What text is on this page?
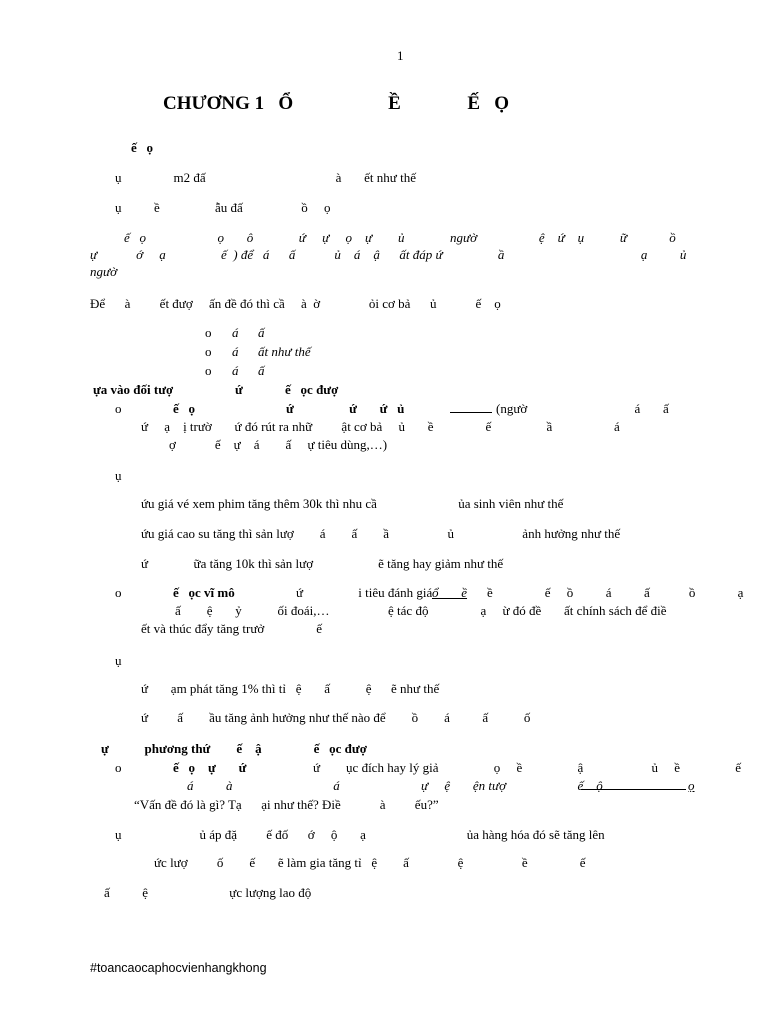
1
CHƯƠNG 1   Ổ                    Ề              Ế   Ọ
ế   ọ
ụ                m2 đấ                                        à       ết như thế
ụ          ề                 ẫu đấ                  ồ     ọ
ế   ọ                      ọ       ô              ứ     ự     ọ    ự        ủ              ngườ                   ệ    ứ    ụ           ữ             ồ
ự            ớ     ạ                 ế  ) để   á      ấ            ủ    á    ậ      ất đáp ứ                 ầ                                          ạ          ủ
ngườ
Để      à         ết đượ     ấn đề đó thì cầ     à  ờ               ỏi cơ bả      ủ            ế    ọ
o á      ấ
o á      ất như thế
o á      ấ
ựa vào đối tượ                   ứ             ế   ọc đượ
o	ế   ọ                            ứ                 ứ       ứ   ủ	(ngườ                                 á       ấ
ứ     ạ    ị trườ       ứ đó rút ra nhữ         ật cơ bả     ủ       ề                ế                 ầ                   á
ợ            ế    ự    á        ấ     ự tiêu dùng,…)
ụ
ứu giá vé xem phim tăng thêm 30k thì nhu cầ                         ủa sinh viên như thế
ứu giá cao su tăng thì sản lượ        á        ấ        ầ                  ủ                     ảnh hưởng như thế
ứ              ữa tăng 10k thì sản lượ                    ẽ tăng hay giảm như thế
o	ế   ọc vĩ mô	ứ                 i tiêu đánh giá ổ       ề ề                ế     ồ          á          ấ            ồ             ạ
ấ        ệ       ỷ           ối đoái,…                  ệ tác độ                ạ     ừ đó đề       ất chính sách để điề
ết và thúc đẩy tăng trưở                ế
ụ
ứ       ạm phát tăng 1% thì tỉ   ệ       ấ           ệ      ẽ như thế
ứ         ấ        ầu tăng ảnh hưởng như thế nào để        ồ        á          ấ           ố
ự           phương thứ        ế    ậ                ế   ọc đượ
o	ế   ọ    ự       ứ	ứ        ục đích hay lý giả                 ọ     ề                 ậ                     ủ     ề                 ế
á          à                               á                         ự     ệ       ện tượ                      ế    ộ	ọ
“Vấn đề đó là gì? Tạ      ại như thế? Điề            à         ếu?”
ụ                        ủ áp đặ         ế đố      ớ     ộ       ạ                               ủa hàng hóa đó sẽ tăng lên
ức lượ         ố        ế       ẽ làm gia tăng tỉ   ệ        ấ               ệ                  ề                ế
ấ          ệ                         ực lượng lao độ
#toancaocaphocvienhangkhong
